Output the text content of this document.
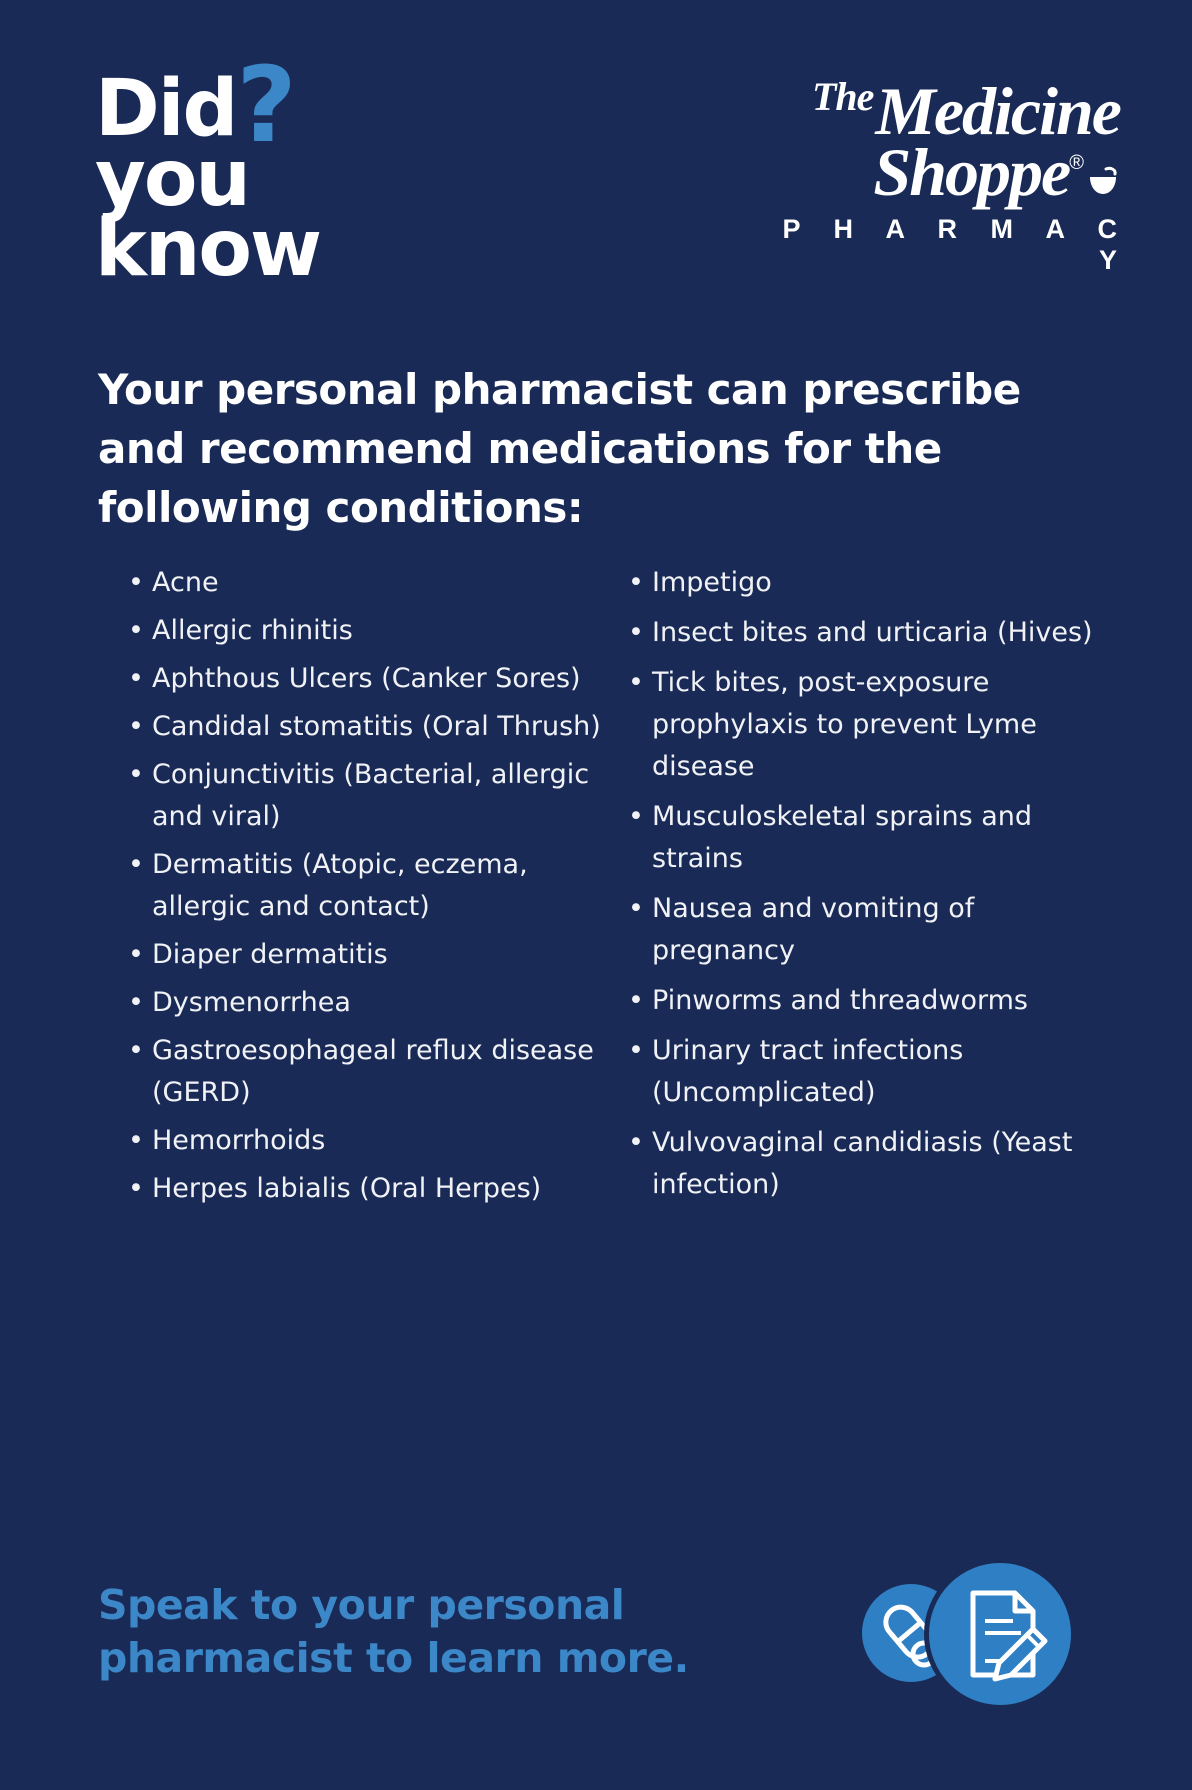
Did?
you
know
TheMedicine
Shoppe®
P H A R M A C Y
Your personal pharmacist can prescribe and recommend medications for the following conditions:
• Acne
• Allergic rhinitis
• Aphthous Ulcers (Canker Sores)
• Candidal stomatitis (Oral Thrush)
• Conjunctivitis (Bacterial, allergic and viral)
• Dermatitis (Atopic, eczema, allergic and contact)
• Diaper dermatitis
• Dysmenorrhea
• Gastroesophageal reflux disease (GERD)
• Hemorrhoids
• Herpes labialis (Oral Herpes)
• Impetigo
• Insect bites and urticaria (Hives)
• Tick bites, post-exposure prophylaxis to prevent Lyme disease
• Musculoskeletal sprains and strains
• Nausea and vomiting of pregnancy
• Pinworms and threadworms
• Urinary tract infections (Uncomplicated)
• Vulvovaginal candidiasis (Yeast infection)
Speak to your personal
pharmacist to learn more.
